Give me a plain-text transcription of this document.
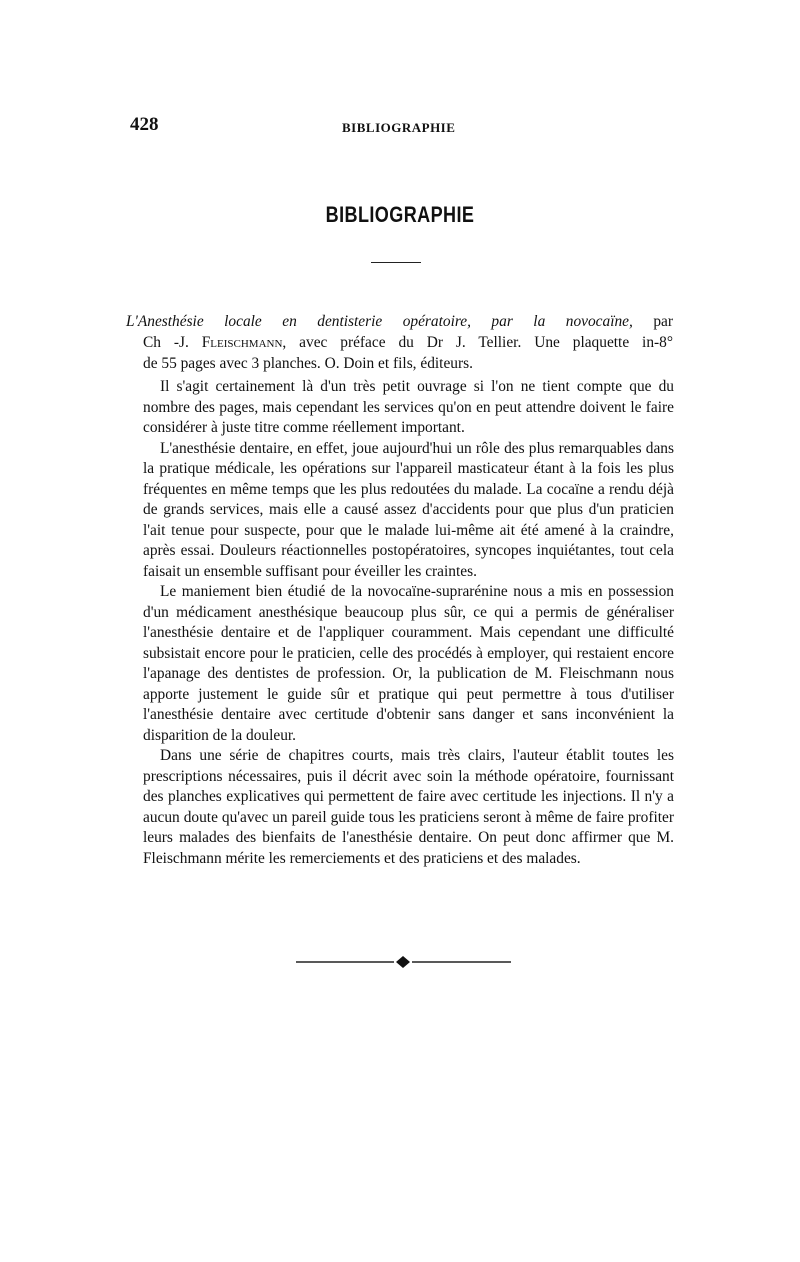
428	BIBLIOGRAPHIE
BIBLIOGRAPHIE
L'Anesthésie locale en dentisterie opératoire, par la novocaïne, par
Ch -J. Fleischmann, avec préface du Dr J. Tellier. Une plaquette in-8°
de 55 pages avec 3 planches. O. Doin et fils, éditeurs.

Il s'agit certainement là d'un très petit ouvrage si l'on ne tient compte que du nombre des pages, mais cependant les services qu'on en peut attendre doivent le faire considérer à juste titre comme réellement important.

L'anesthésie dentaire, en effet, joue aujourd'hui un rôle des plus remarquables dans la pratique médicale, les opérations sur l'appareil masticateur étant à la fois les plus fréquentes en même temps que les plus redoutées du malade. La cocaïne a rendu déjà de grands services, mais elle a causé assez d'accidents pour que plus d'un praticien l'ait tenue pour suspecte, pour que le malade lui-même ait été amené à la craindre, après essai. Douleurs réactionnelles postopératoires, syncopes inquiétantes, tout cela faisait un ensemble suffisant pour éveiller les craintes.

Le maniement bien étudié de la novocaïne-suprarénine nous a mis en possession d'un médicament anesthésique beaucoup plus sûr, ce qui a permis de généraliser l'anesthésie dentaire et de l'appliquer couramment. Mais cependant une difficulté subsistait encore pour le praticien, celle des procédés à employer, qui restaient encore l'apanage des dentistes de profession. Or, la publication de M. Fleischmann nous apporte justement le guide sûr et pratique qui peut permettre à tous d'utiliser l'anesthésie dentaire avec certitude d'obtenir sans danger et sans inconvénient la disparition de la douleur.

Dans une série de chapitres courts, mais très clairs, l'auteur établit toutes les prescriptions nécessaires, puis il décrit avec soin la méthode opératoire, fournissant des planches explicatives qui permettent de faire avec certitude les injections. Il n'y a aucun doute qu'avec un pareil guide tous les praticiens seront à même de faire profiter leurs malades des bienfaits de l'anesthésie dentaire. On peut donc affirmer que M. Fleischmann mérite les remerciements et des praticiens et des malades.
